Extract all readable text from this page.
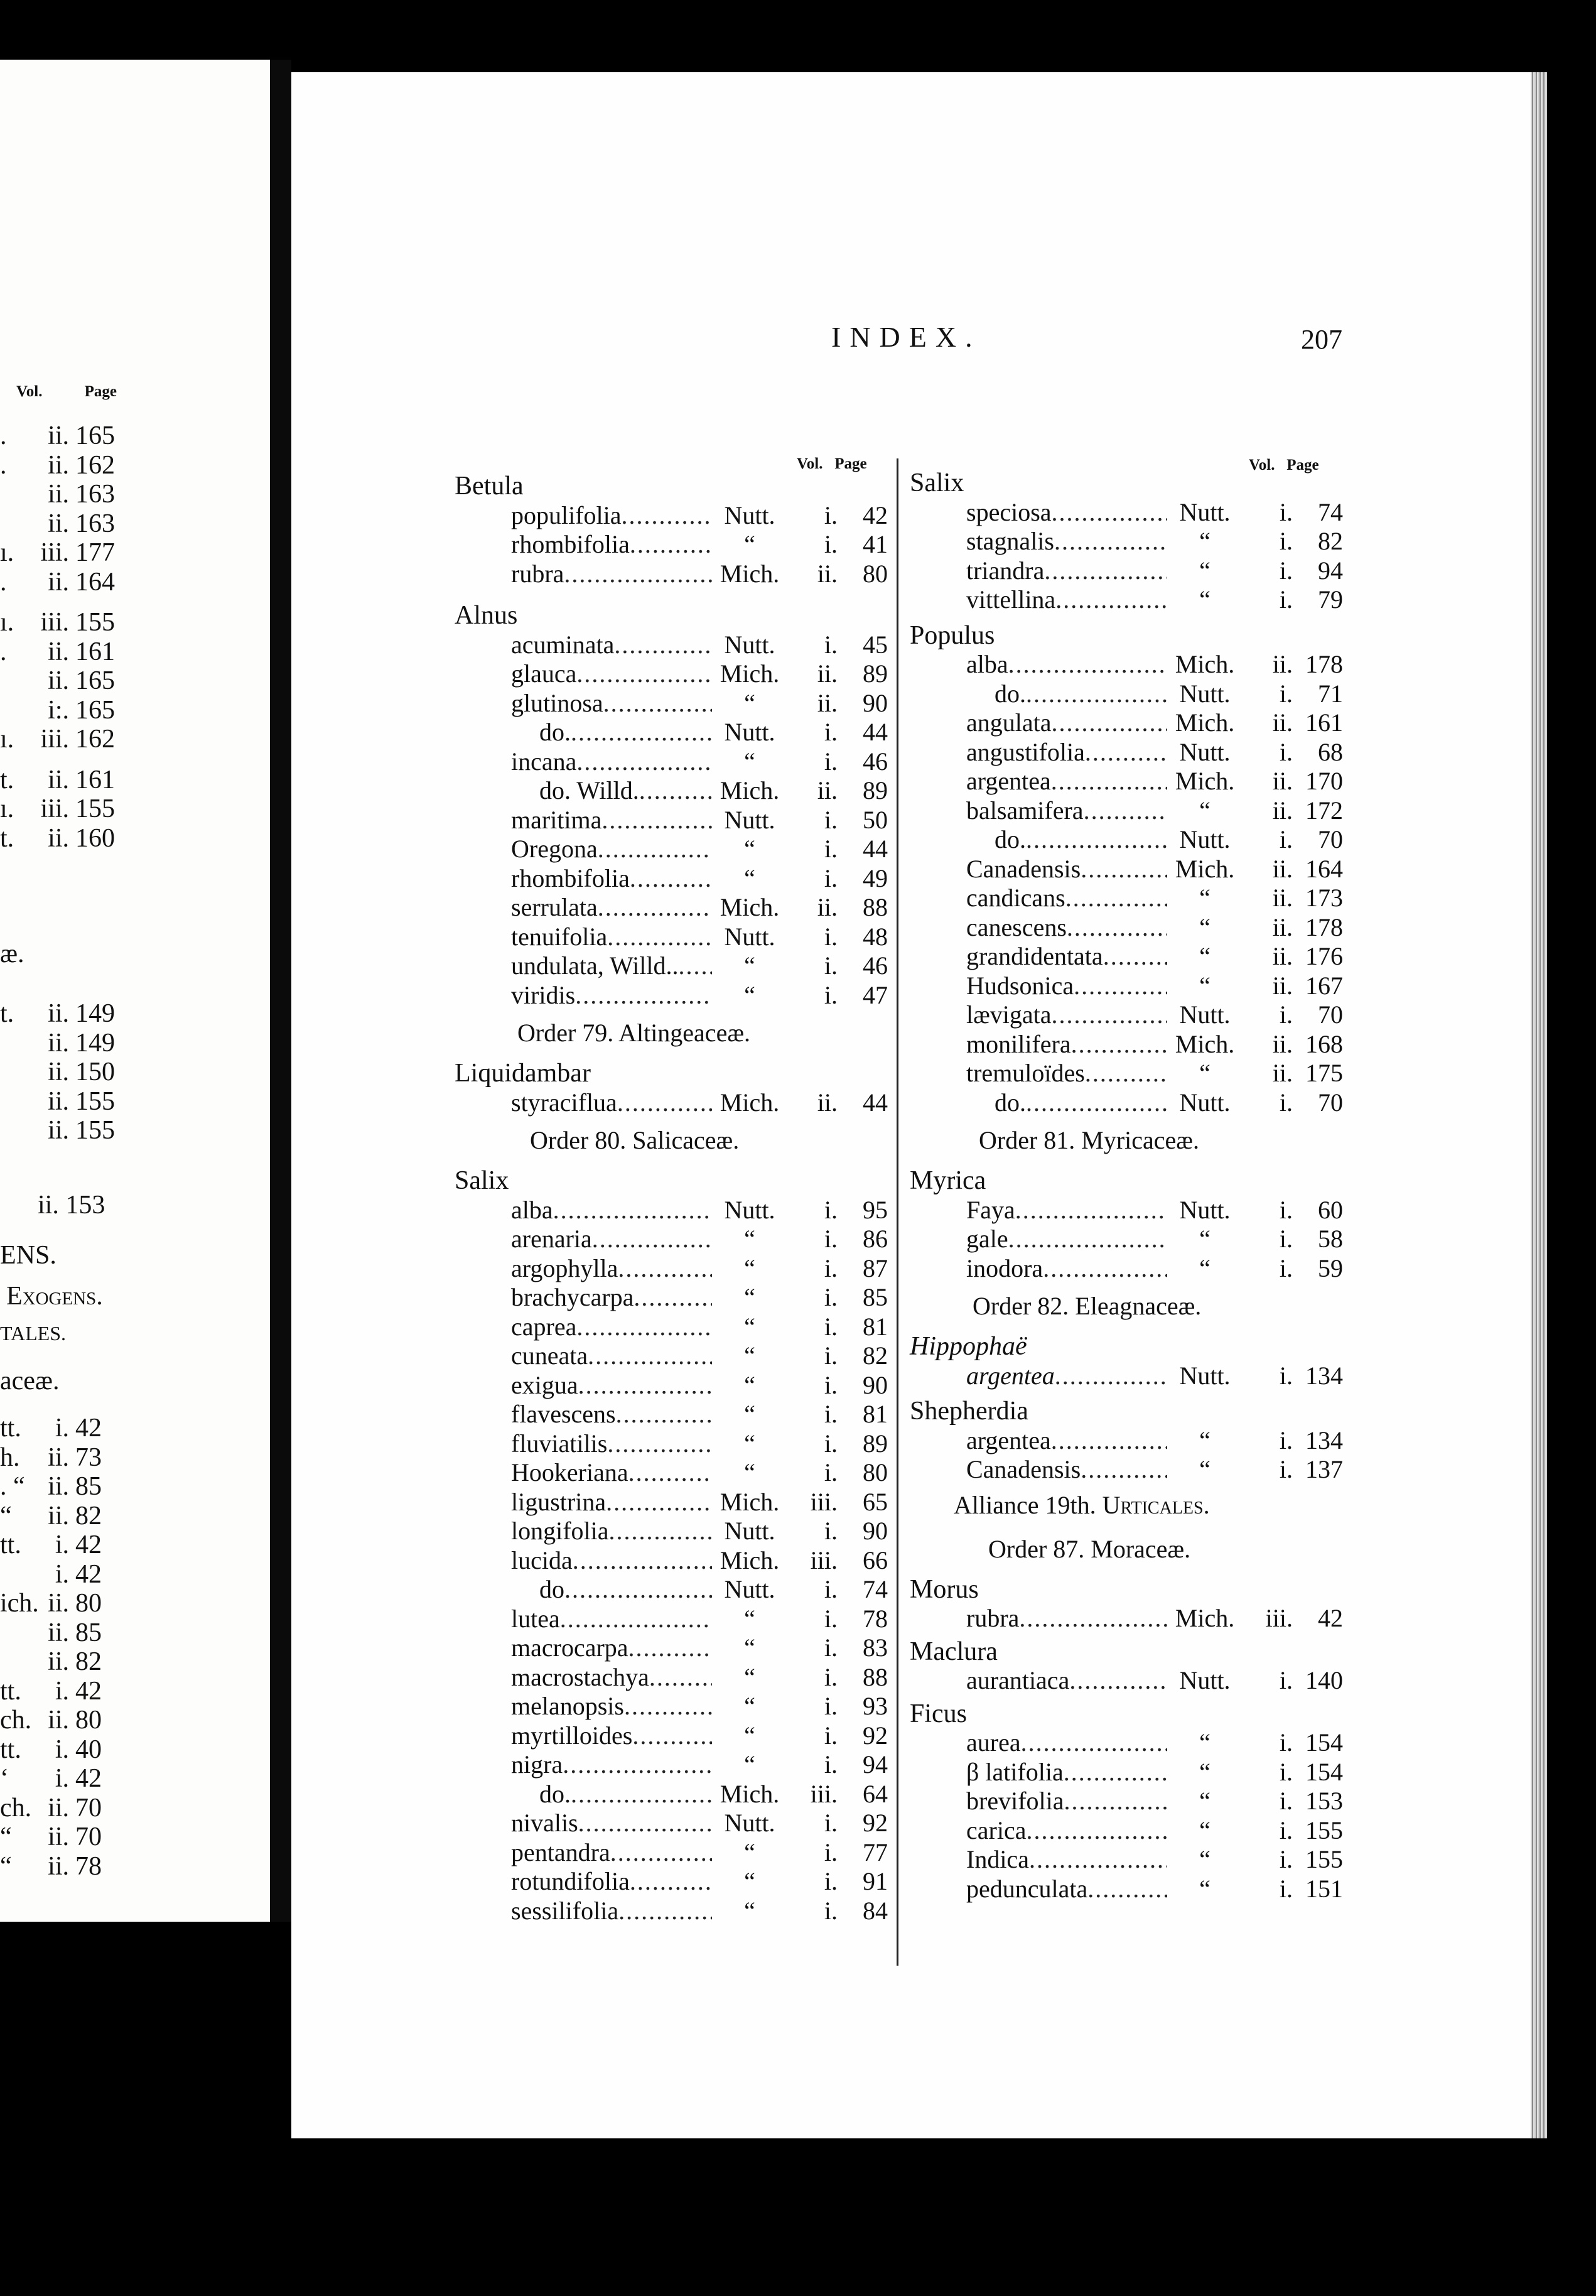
Vol.	Page
. ii. 165
. ii. 162
ii. 163
ii. 163
ı. iii. 177
. ii. 164
ı. iii. 155
. ii. 161
ii. 165
i:. 165
ı. iii. 162
t. ii. 161
ı. iii. 155
t. ii. 160
t. ii. 149
ii. 149
ii. 150
ii. 155
ii. 155
tt. i. 42
h. ii. 73
. “ ii. 85
“ ii. 82
tt. i. 42
i. 42
ich. ii. 80
ii. 85
ii. 82
tt. i. 42
ch. ii. 80
tt. i. 40
‘ i. 42
ch. ii. 70
“ ii. 70
“ ii. 78
æ.
ii. 153
ENS.
Exogens.
TALES.
aceæ.
INDEX.	207
Vol. Page
Betula
populifolia . . .	Nutt.	i.	42
rhombifolia . . .	“	i.	41
rubra . . .	Mich.	ii.	80
Alnus
acuminata . . .	Nutt.	i.	45
glauca . . .	Mich.	ii.	89
glutinosa . . .	“	ii.	90
do. . . .	Nutt.	i.	44
incana . . .	“	i.	46
do. Willd. . . .	Mich.	ii.	89
maritima . . .	Nutt.	i.	50
Oregona . . .	“	i.	44
rhombifolia . . .	“	i.	49
serrulata . . .	Mich.	ii.	88
tenuifolia . . .	Nutt.	i.	48
undulata, Willd.. . . .	“	i.	46
viridis . . .	“	i.	47
Order 79. Altingeaceæ.
Liquidambar
styraciflua . . .	Mich.	ii.	44
Order 80. Salicaceæ.
Salix
alba . . .	Nutt.	i.	95
arenaria . . .	“	i.	86
argophylla . . .	“	i.	87
brachycarpa . . .	“	i.	85
caprea . . .	“	i.	81
cuneata . . .	“	i.	82
exigua . . .	“	i.	90
flavescens . . .	“	i.	81
fluviatilis . . .	“	i.	89
Hookeriana . . .	“	i.	80
ligustrina . . .	Mich.	iii.	65
longifolia . . .	Nutt.	i.	90
lucida . . .	Mich.	iii.	66
do . . .	Nutt.	i.	74
lutea . . .	“	i.	78
macrocarpa . . .	“	i.	83
macrostachya . . .	“	i.	88
melanopsis . . .	“	i.	93
myrtilloides . . .	“	i.	92
nigra . . .	“	i.	94
do. . . .	Mich.	iii.	64
nivalis . . .	Nutt.	i.	92
pentandra . . .	“	i.	77
rotundifolia . . .	“	i.	91
sessilifolia . . .	“	i.	84
Vol. Page
Salix
speciosa . . .	Nutt.	i.	74
stagnalis . . .	“	i.	82
triandra . . .	“	i.	94
vittellina . . .	“	i.	79
Populus
alba . . .	Mich.	ii. 178
do. . . .	Nutt.	i.	71
angulata . . .	Mich.	ii. 161
angustifolia . . .	Nutt.	i.	68
argentea . . .	Mich.	ii. 170
balsamifera . . .	“	ii. 172
do. . . .	Nutt.	i.	70
Canadensis . . .	Mich.	ii. 164
candicans . . .	“	ii. 173
canescens . . .	“	ii. 178
grandidentata . . .	“	ii. 176
Hudsonica . . .	“	ii. 167
lævigata . . .	Nutt.	i.	70
monilifera . . .	Mich.	ii. 168
tremuloïdes . . .	“	ii. 175
do. . . .	Nutt.	i.	70
Order 81. Myricaceæ.
Myrica
Faya . . .	Nutt.	i.	60
gale . . .	“	i.	58
inodora . . .	“	i.	59
Order 82. Eleagnaceæ.
Hippophaë
argentea . . .	Nutt.	i. 134
Shepherdia
argentea . . .	“	i. 134
Canadensis . . .	“	i. 137
Alliance 19th. Urticales.
Order 87. Moraceæ.
Morus
rubra . . .	Mich.	iii.	42
Maclura
aurantiaca . . .	Nutt.	i. 140
Ficus
aurea . . .	“	i. 154
β latifolia . . .	“	i. 154
brevifolia . . .	“	i. 153
carica . . .	“	i. 155
Indica . . .	“	i. 155
pedunculata . . .	“	i. 151
